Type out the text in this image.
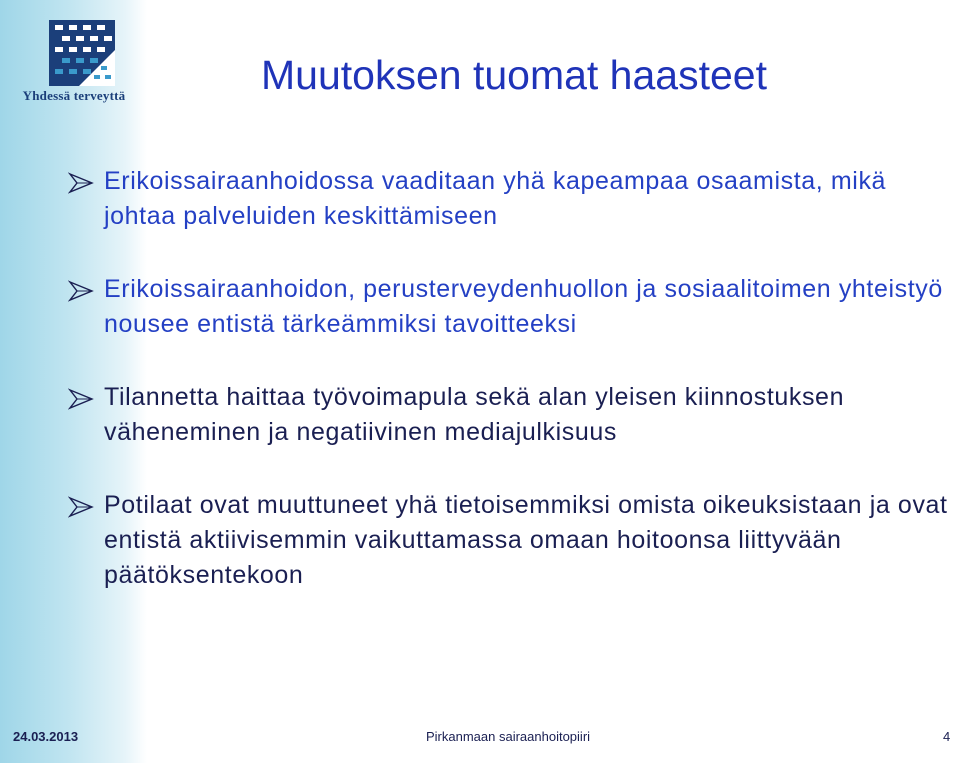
Yhdessä terveyttä	Muutoksen tuomat haasteet
Erikoissairaanhoidossa vaaditaan yhä kapeampaa osaamista, mikä johtaa palveluiden keskittämiseen
Erikoissairaanhoidon, perusterveydenhuollon ja sosiaalitoimen yhteistyö nousee entistä tärkeämmiksi tavoitteeksi
Tilannetta haittaa työvoimapula sekä alan yleisen kiinnostuksen väheneminen ja negatiivinen mediajulkisuus
Potilaat ovat muuttuneet yhä tietoisemmiksi omista oikeuksistaan ja ovat entistä aktiivisemmin vaikuttamassa omaan hoitoonsa liittyvään päätöksentekoon
24.03.2013	Pirkanmaan sairaanhoitopiiri	4
